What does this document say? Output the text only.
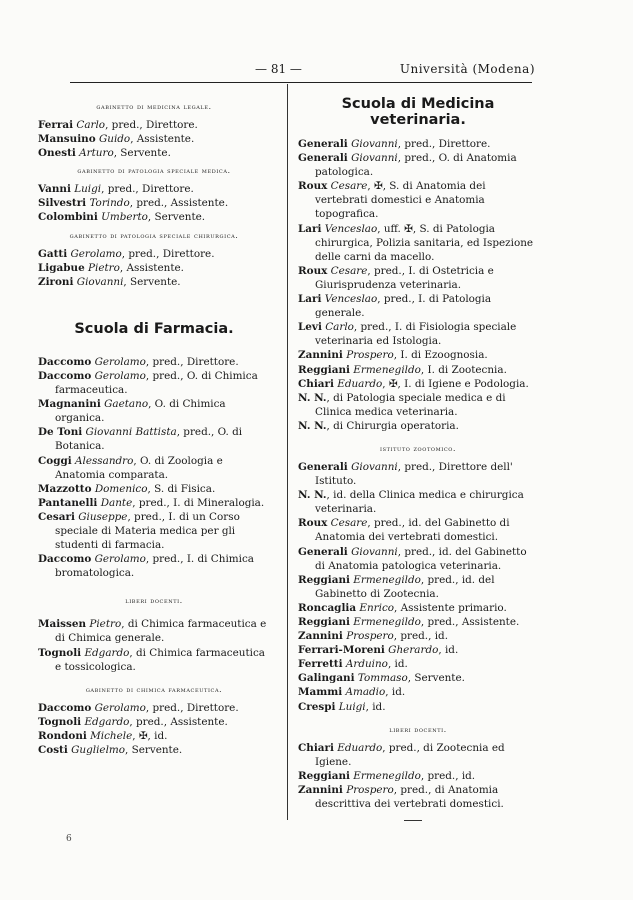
— 81 —	Università (Modena)
gabinetto di medicina legale.
Ferrai Carlo, pred., Direttore.
Mansuino Guido, Assistente.
Onesti Arturo, Servente.
gabinetto di patologia speciale medica.
Vanni Luigi, pred., Direttore.
Silvestri Torindo, pred., Assistente.
Colombini Umberto, Servente.
gabinetto di patologia speciale chirurgica.
Gatti Gerolamo, pred., Direttore.
Ligabue Pietro, Assistente.
Zironi Giovanni, Servente.
Scuola di Farmacia.
Daccomo Gerolamo, pred., Direttore.
Daccomo Gerolamo, pred., O. di Chimica farmaceutica.
Magnanini Gaetano, O. di Chimica organica.
De Toni Giovanni Battista, pred., O. di Botanica.
Coggi Alessandro, O. di Zoologia e Anatomia comparata.
Mazzotto Domenico, S. di Fisica.
Pantanelli Dante, pred., I. di Mineralogia.
Cesari Giuseppe, pred., I. di un Corso speciale di Materia medica per gli studenti di farmacia.
Daccomo Gerolamo, pred., I. di Chimica bromatologica.
liberi docenti.
Maissen Pietro, di Chimica farmaceutica e di Chimica generale.
Tognoli Edgardo, di Chimica farmaceutica e tossicologica.
gabinetto di chimica farmaceutica.
Daccomo Gerolamo, pred., Direttore.
Tognoli Edgardo, pred., Assistente.
Rondoni Michele, ✠, id.
Costi Guglielmo, Servente.
Scuola di Medicina veterinaria.
Generali Giovanni, pred., Direttore.
Generali Giovanni, pred., O. di Anatomia patologica.
Roux Cesare, ✠, S. di Anatomia dei vertebrati domestici e Anatomia topografica.
Lari Venceslao, uff. ✠, S. di Patologia chirurgica, Polizia sanitaria, ed Ispezione delle carni da macello.
Roux Cesare, pred., I. di Ostetricia e Giurisprudenza veterinaria.
Lari Venceslao, pred., I. di Patologia generale.
Levi Carlo, pred., I. di Fisiologia speciale veterinaria ed Istologia.
Zannini Prospero, I. di Ezoognosia.
Reggiani Ermenegildo, I. di Zootecnia.
Chiari Eduardo, ✠, I. di Igiene e Podologia.
N. N., di Patologia speciale medica e di Clinica medica veterinaria.
N. N., di Chirurgia operatoria.
istituto zootomico.
Generali Giovanni, pred., Direttore dell' Istituto.
N. N., id. della Clinica medica e chirurgica veterinaria.
Roux Cesare, pred., id. del Gabinetto di Anatomia dei vertebrati domestici.
Generali Giovanni, pred., id. del Gabinetto di Anatomia patologica veterinaria.
Reggiani Ermenegildo, pred., id. del Gabinetto di Zootecnia.
Roncaglia Enrico, Assistente primario.
Reggiani Ermenegildo, pred., Assistente.
Zannini Prospero, pred., id.
Ferrari-Moreni Gherardo, id.
Ferretti Arduino, id.
Galingani Tommaso, Servente.
Mammi Amadio, id.
Crespi Luigi, id.
liberi docenti.
Chiari Eduardo, pred., di Zootecnia ed Igiene.
Reggiani Ermenegildo, pred., id.
Zannini Prospero, pred., di Anatomia descrittiva dei vertebrati domestici.
6
